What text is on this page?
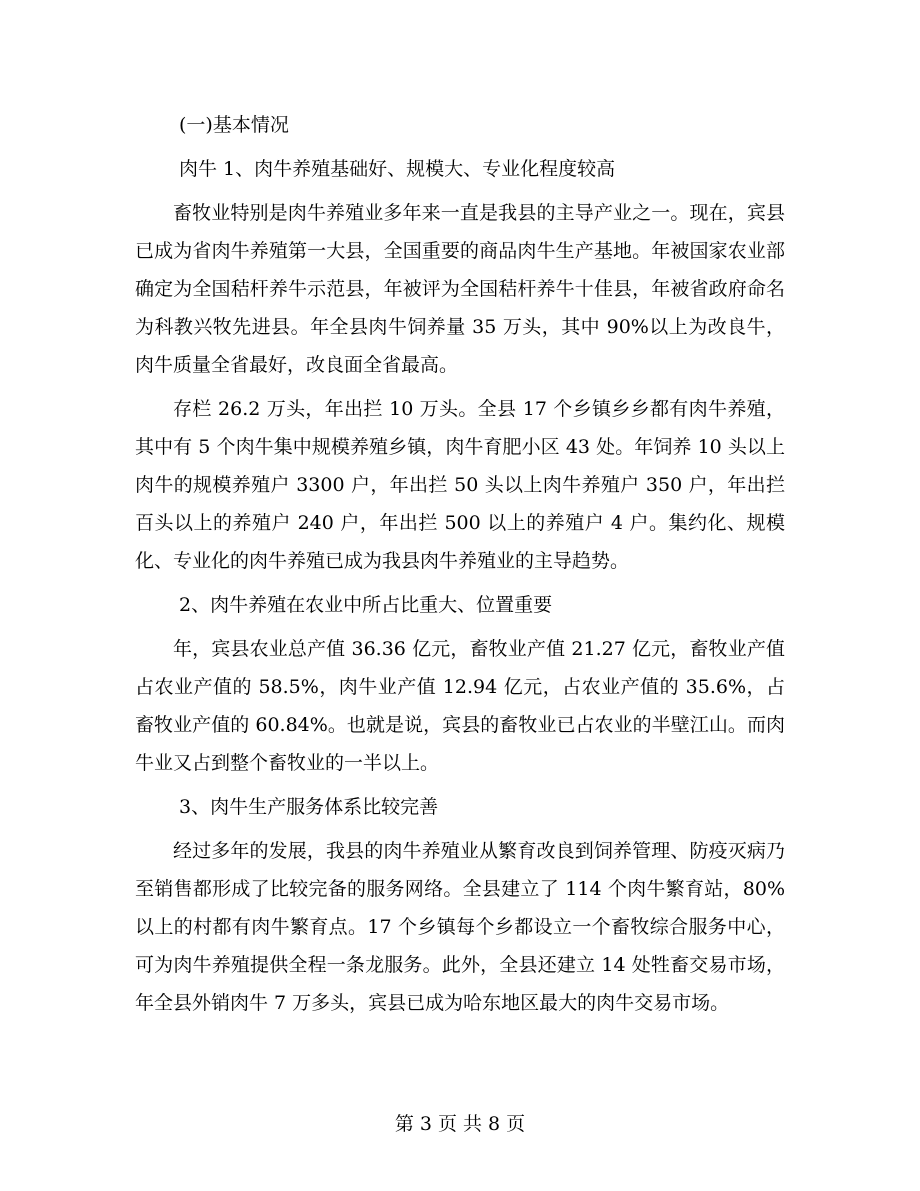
(一)基本情况
肉牛 1、肉牛养殖基础好、规模大、专业化程度较高

畜牧业特别是肉牛养殖业多年来一直是我县的主导产业之一。现在，宾县已成为省肉牛养殖第一大县，全国重要的商品肉牛生产基地。年被国家农业部确定为全国秸杆养牛示范县，年被评为全国秸杆养牛十佳县，年被省政府命名为科教兴牧先进县。年全县肉牛饲养量 35 万头，其中 90%以上为改良牛，肉牛质量全省最好，改良面全省最高。

存栏 26.2 万头，年出拦 10 万头。全县 17 个乡镇乡乡都有肉牛养殖，其中有 5 个肉牛集中规模养殖乡镇，肉牛育肥小区 43 处。年饲养 10 头以上肉牛的规模养殖户 3300 户，年出拦 50 头以上肉牛养殖户 350 户，年出拦百头以上的养殖户 240 户，年出拦 500 以上的养殖户 4 户。集约化、规模化、专业化的肉牛养殖已成为我县肉牛养殖业的主导趋势。

2、肉牛养殖在农业中所占比重大、位置重要

年，宾县农业总产值 36.36 亿元，畜牧业产值 21.27 亿元，畜牧业产值占农业产值的 58.5%，肉牛业产值 12.94 亿元，占农业产值的 35.6%，占畜牧业产值的 60.84%。也就是说，宾县的畜牧业已占农业的半壁江山。而肉牛业又占到整个畜牧业的一半以上。

3、肉牛生产服务体系比较完善

经过多年的发展，我县的肉牛养殖业从繁育改良到饲养管理、防疫灭病乃至销售都形成了比较完备的服务网络。全县建立了 114 个肉牛繁育站，80%以上的村都有肉牛繁育点。17 个乡镇每个乡都设立一个畜牧综合服务中心，可为肉牛养殖提供全程一条龙服务。此外，全县还建立 14 处牲畜交易市场，年全县外销肉牛 7 万多头，宾县已成为哈东地区最大的肉牛交易市场。

第 3 页 共 8 页
